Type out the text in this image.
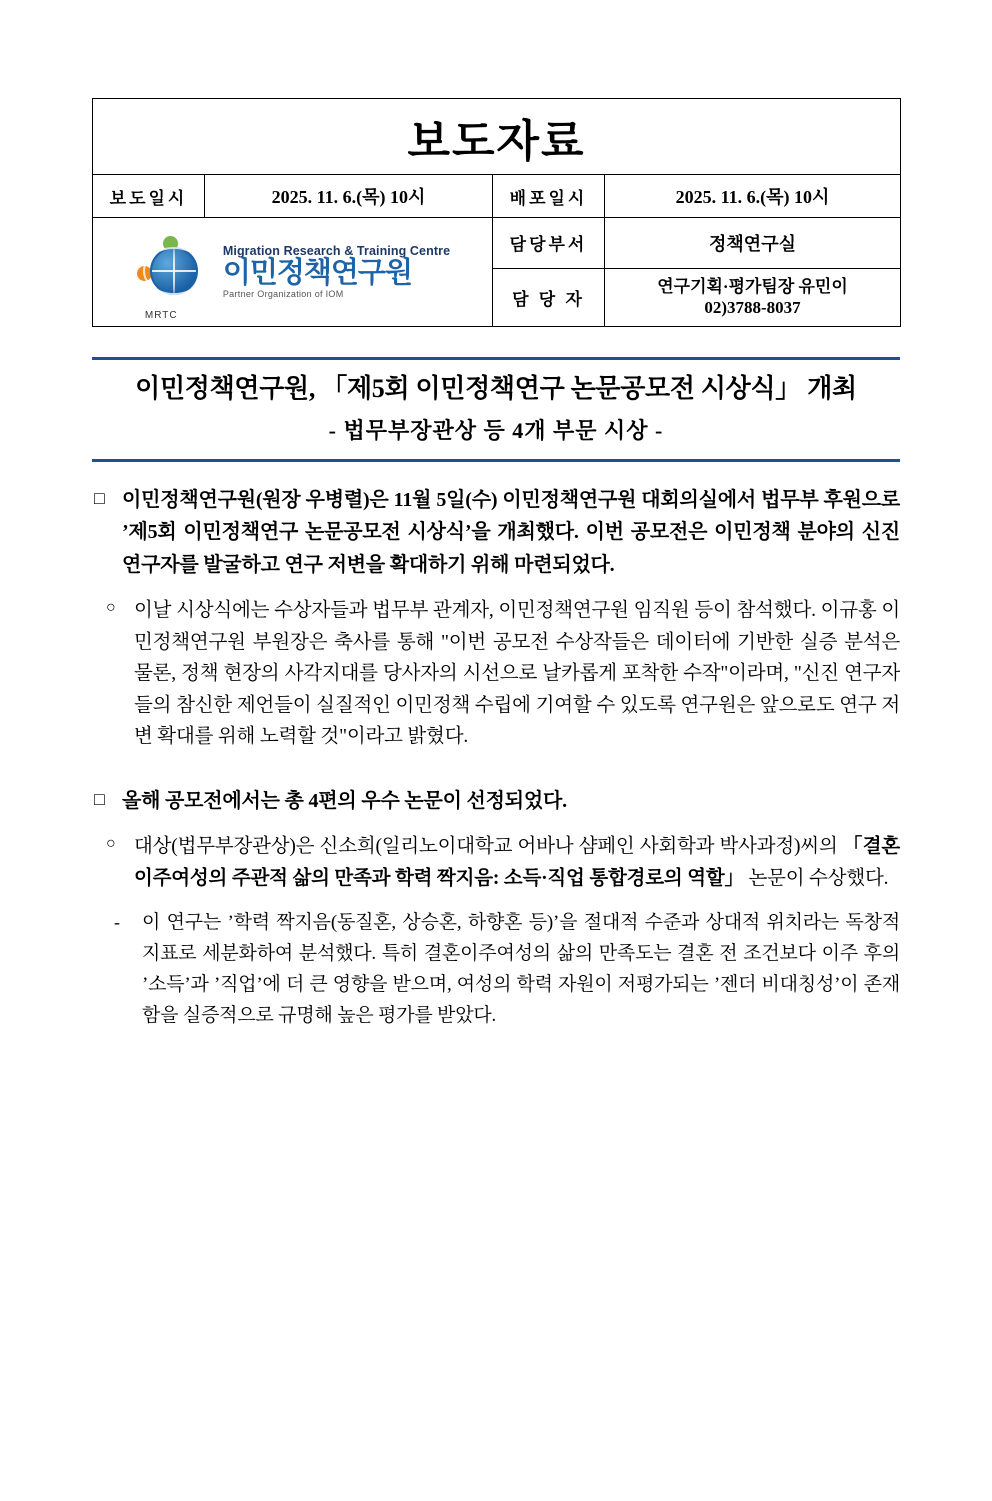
보도자료			
보도일시	2025. 11. 6.(목) 10시	배포일시	2025. 11. 6.(목) 10시

MRTC
Migration Research & Training Centre
이민정책연구원
Partner Organization of IOM		담당부서	정책연구실
		담 당 자	연구기획·평가팀장 유민이
02)3788-8037
이민정책연구원, 「제5회 이민정책연구 논문공모전 시상식」 개최
- 법무부장관상 등 4개 부문 시상 -
□ 이민정책연구원(원장 우병렬)은 11월 5일(수) 이민정책연구원 대회의실에서 법무부 후원으로 ’제5회 이민정책연구 논문공모전 시상식’을 개최했다. 이번 공모전은 이민정책 분야의 신진 연구자를 발굴하고 연구 저변을 확대하기 위해 마련되었다.
○ 이날 시상식에는 수상자들과 법무부 관계자, 이민정책연구원 임직원 등이 참석했다. 이규홍 이민정책연구원 부원장은 축사를 통해 "이번 공모전 수상작들은 데이터에 기반한 실증 분석은 물론, 정책 현장의 사각지대를 당사자의 시선으로 날카롭게 포착한 수작"이라며, "신진 연구자들의 참신한 제언들이 실질적인 이민정책 수립에 기여할 수 있도록 연구원은 앞으로도 연구 저변 확대를 위해 노력할 것"이라고 밝혔다.
□ 올해 공모전에서는 총 4편의 우수 논문이 선정되었다.
○ 대상(법무부장관상)은 신소희(일리노이대학교 어바나 샴페인 사회학과 박사과정)씨의 「결혼이주여성의 주관적 삶의 만족과 학력 짝지음: 소득·직업 통합경로의 역할」 논문이 수상했다.
-	이 연구는 ’학력 짝지음(동질혼, 상승혼, 하향혼 등)’을 절대적 수준과 상대적 위치라는 독창적 지표로 세분화하여 분석했다. 특히 결혼이주여성의 삶의 만족도는 결혼 전 조건보다 이주 후의 ’소득’과 ’직업’에 더 큰 영향을 받으며, 여성의 학력 자원이 저평가되는 ’젠더 비대칭성’이 존재함을 실증적으로 규명해 높은 평가를 받았다.
